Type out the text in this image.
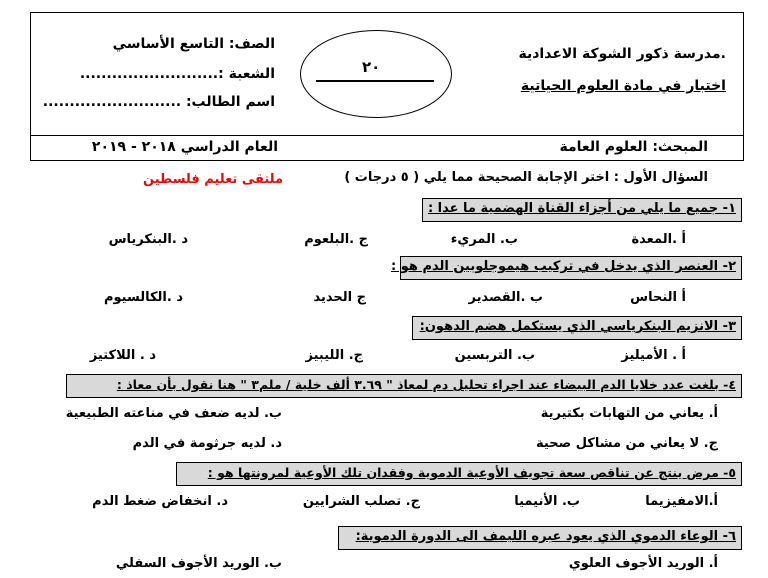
.مدرسة ذكور الشوكة الاعدادية
اختبار في مادة العلوم الحياتية
الصف: التاسع الأساسي
الشعبة :..........................
اسم الطالب: ..........................
٢٠
المبحث: العلوم العامة
العام الدراسي ٢٠١٨ - ٢٠١٩
السؤال الأول : اختر الإجابة الصحيحة مما يلي ( ٥ درجات )
ملتقى تعليم فلسطين
١- جميع ما يلي من أجزاء القناة الهضمية ما عدا :
أ .المعدة
ب. المريء
ج .البلعوم
د .البنكرياس
٢- العنصر الذي يدخل في تركيب هيموجلوبين الدم هو :
أ النحاس
ب .القصدير
ج الحديد
د .الكالسيوم
٣- الانزيم البنكرياسي الذي يستكمل هضم الدهون:
أ . الأميليز
ب. التربسين
ج. الليبيز
د . اللاكتيز
٤- بلغت عدد خلايا الدم البيضاء عند اجراء تحليل دم لمعاذ " ٣.٦٩ ألف خلية / ملم٣ " هنا نقول بأن معاذ :
أ. يعاني من التهابات بكتيرية
ب. لديه ضعف في مناعته الطبيعية
ج. لا يعاني من مشاكل صحية
د. لديه جرثومة في الدم
٥- مرض ينتج عن تناقص سعة تجويف الأوعية الدموية وفقدان تلك الأوعية لمرونتها هو :
أ.الامفيزيما
ب. الأنيميا
ج. تصلب الشرايين
د. انخفاض ضغط الدم
٦- الوعاء الدموي الذي يعود عبره الليمف الى الدورة الدموية:
أ. الوريد الأجوف العلوي
ب. الوريد الأجوف السفلي
